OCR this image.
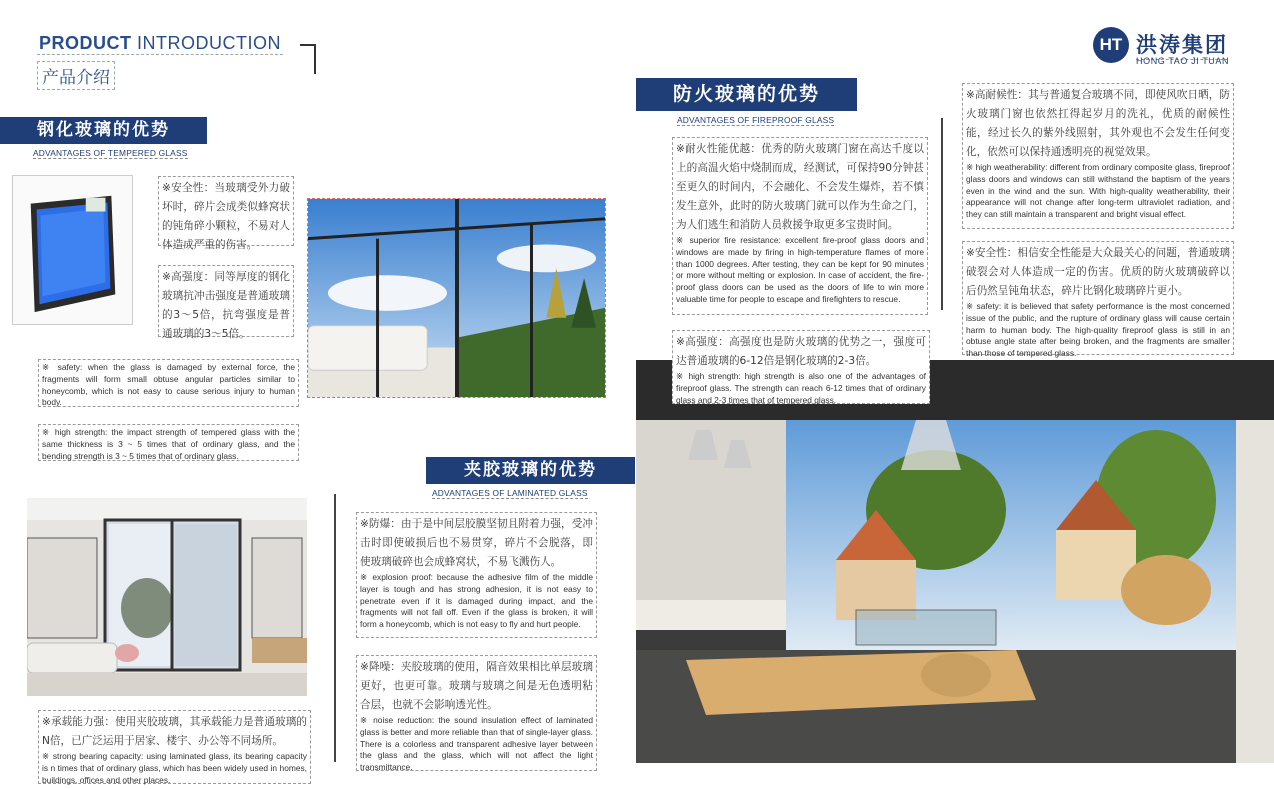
PRODUCT INTRODUCTION
产品介绍
HT 洪涛集团
HONG TAO JI TUAN
钢化玻璃的优势
ADVANTAGES OF TEMPERED GLASS
※安全性：当玻璃受外力破坏时，碎片会成类似蜂窝状的钝角碎小颗粒，不易对人体造成严重的伤害。
※高强度：同等厚度的钢化玻璃抗冲击强度是普通玻璃的3～5倍，抗弯强度是普通玻璃的3～5倍。
※ safety: when the glass is damaged by external force, the fragments will form small obtuse angular particles similar to honeycomb, which is not easy to cause serious injury to human body.
※ high strength: the impact strength of tempered glass with the same thickness is 3 ~ 5 times that of ordinary glass, and the bending strength is 3 ~ 5 times that of ordinary glass.
夹胶玻璃的优势
ADVANTAGES OF LAMINATED GLASS
※防爆：由于是中间层胶膜坚韧且附着力强，受冲击时即使破损后也不易贯穿，碎片不会脱落，即使玻璃破碎也会成蜂窝状，不易飞溅伤人。
※ explosion proof: because the adhesive film of the middle layer is tough and has strong adhesion, it is not easy to penetrate even if it is damaged during impact, and the fragments will not fall off. Even if the glass is broken, it will form a honeycomb, which is not easy to fly and hurt people.
※降噪：夹胶玻璃的使用，隔音效果相比单层玻璃更好，也更可靠。玻璃与玻璃之间是无色透明粘合层，也就不会影响透光性。
※ noise reduction: the sound insulation effect of laminated glass is better and more reliable than that of single-layer glass. There is a colorless and transparent adhesive layer between the glass and the glass, which will not affect the light transmittance.
※承载能力强：使用夹胶玻璃，其承载能力是普通玻璃的N倍，已广泛运用于居家、楼宇、办公等不同场所。
※ strong bearing capacity: using laminated glass, its bearing capacity is n times that of ordinary glass, which has been widely used in homes, buildings, offices and other places.
防火玻璃的优势
ADVANTAGES OF FIREPROOF GLASS
※耐火性能优越：优秀的防火玻璃门窗在高达千度以上的高温火焰中烧制而成，经测试，可保持90分钟甚至更久的时间内，不会融化、不会发生爆炸，若不慎发生意外，此时的防火玻璃门就可以作为生命之门，为人们逃生和消防人员救援争取更多宝贵时间。
※ superior fire resistance: excellent fire-proof glass doors and windows are made by firing in high-temperature flames of more than 1000 degrees. After testing, they can be kept for 90 minutes or more without melting or explosion. In case of accident, the fire-proof glass doors can be used as the doors of life to win more valuable time for people to escape and firefighters to rescue.
※高耐候性：其与普通复合玻璃不同，即使风吹日晒，防火玻璃门窗也依然扛得起岁月的洗礼，优质的耐候性能，经过长久的紫外线照射，其外观也不会发生任何变化，依然可以保持通透明亮的视觉效果。
※ high weatherability: different from ordinary composite glass, fireproof glass doors and windows can still withstand the baptism of the years even in the wind and the sun. With high-quality weatherability, their appearance will not change after long-term ultraviolet radiation, and they can still maintain a transparent and bright visual effect.
※安全性：相信安全性能是大众最关心的问题，普通玻璃破裂会对人体造成一定的伤害。优质的防火玻璃破碎以后仍然呈钝角状态，碎片比钢化玻璃碎片更小。
※ safety: it is believed that safety performance is the most concerned issue of the public, and the rupture of ordinary glass will cause certain harm to human body. The high-quality fireproof glass is still in an obtuse angle state after being broken, and the fragments are smaller than those of tempered glass.
※高强度：高强度也是防火玻璃的优势之一，强度可达普通玻璃的6-12倍是钢化玻璃的2-3倍。
※ high strength: high strength is also one of the advantages of fireproof glass. The strength can reach 6-12 times that of ordinary glass and 2-3 times that of tempered glass.
